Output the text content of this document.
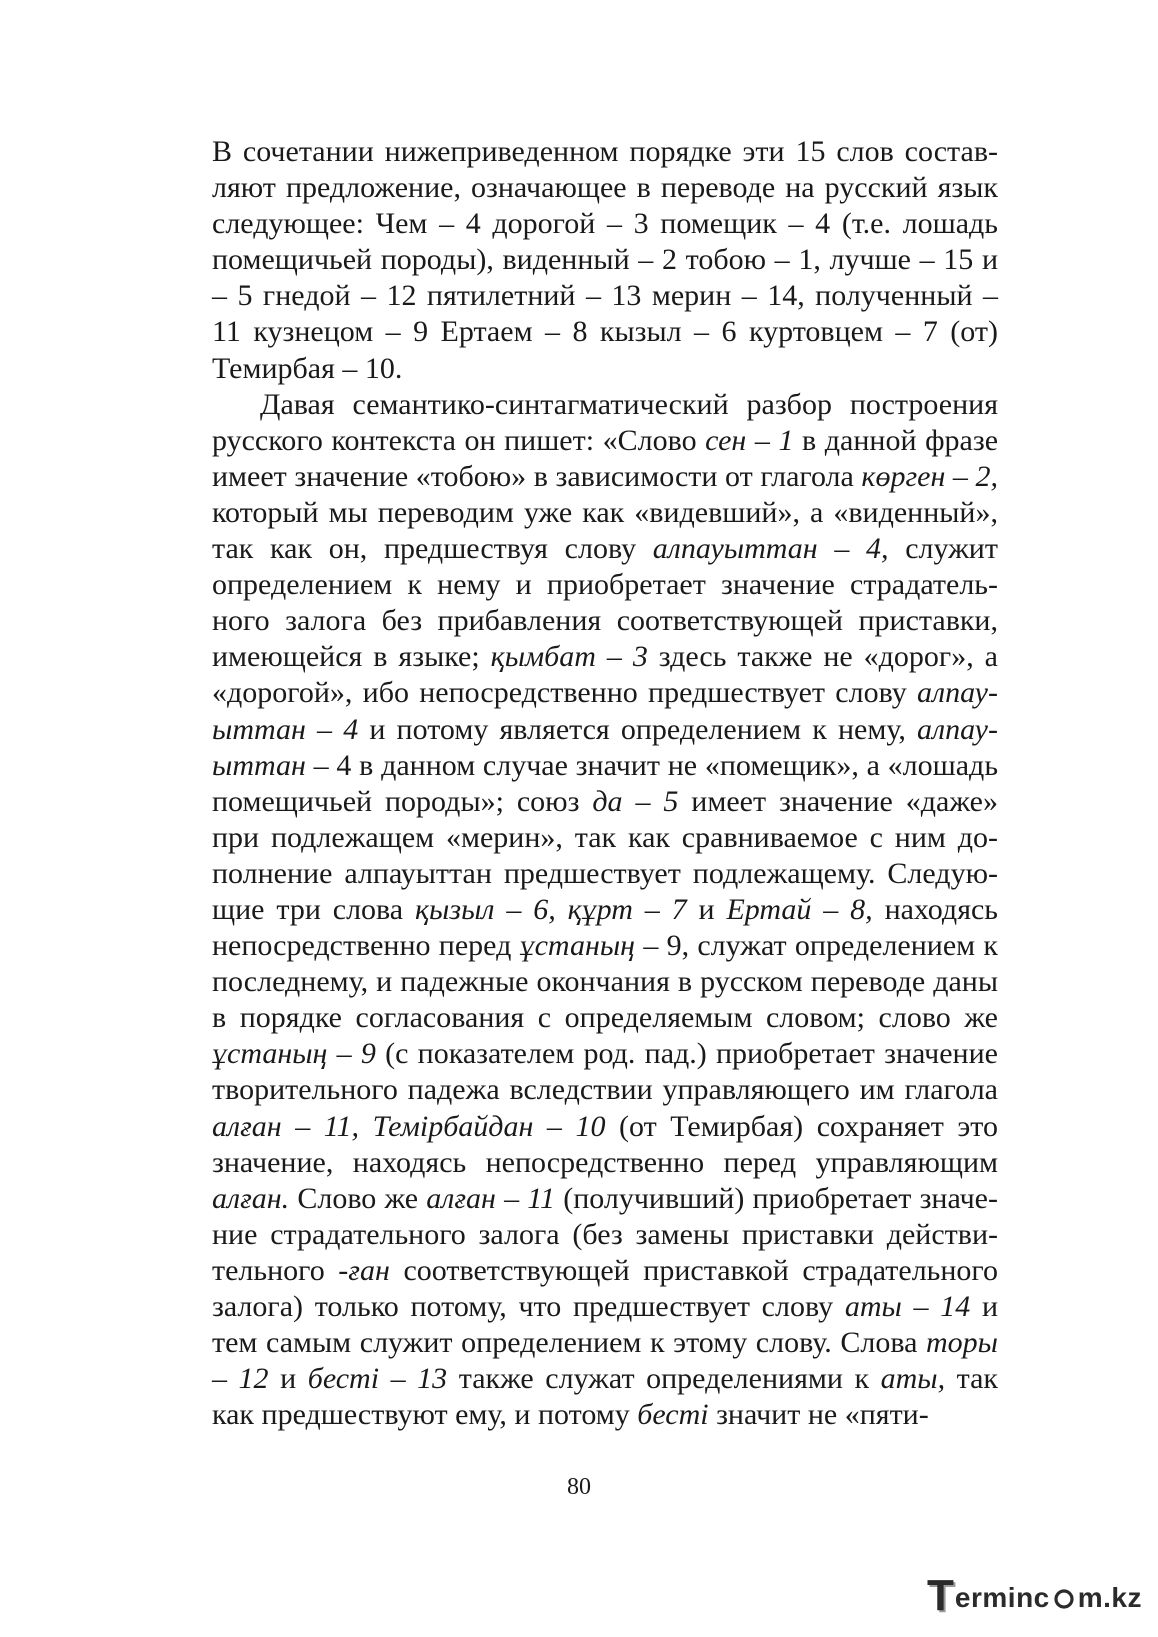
В сочетании нижеприведенном порядке эти 15 слов составляют предложение, означающее в переводе на русский язык следующее: Чем – 4 дорогой – 3 помещик – 4 (т.е. лошадь помещичьей породы), виденный – 2 тобою – 1, лучше – 15 и – 5 гнедой – 12 пятилетний – 13 мерин – 14, полученный – 11 кузнецом – 9 Ертаем – 8 кызыл – 6 куртовцем – 7 (от) Темирбая – 10.

Давая семантико-синтагматический разбор построения русского контекста он пишет: «Слово сен – 1 в данной фразе имеет значение «тобою» в зависимости от глагола көрген – 2, который мы переводим уже как «видевший», а «виденный», так как он, предшествуя слову алпауыттан – 4, служит определением к нему и приобретает значение страдательного залога без прибавления соответствующей приставки, имеющейся в языке; қымбат – 3 здесь также не «дорог», а «дорогой», ибо непосредственно предшествует слову алпауыттан – 4 и потому является определением к нему, алпауыттан – 4 в данном случае значит не «помещик», а «лошадь помещичьей породы»; союз да – 5 имеет значение «даже» при подлежащем «мерин», так как сравниваемое с ним дополнение алпауыттан предшествует подлежащему. Следующие три слова қызыл – 6, құрт – 7 и Ертай – 8, находясь непосредственно перед ұстаның – 9, служат определением к последнему, и падежные окончания в русском переводе даны в порядке согласования с определяемым словом; слово же ұстаның – 9 (с показателем род. пад.) приобретает значение творительного падежа вследствии управляющего им глагола алған – 11, Темірбайдан – 10 (от Темирбая) сохраняет это значение, находясь непосредственно перед управляющим алған. Слово же алған – 11 (получивший) приобретает значение страдательного залога (без замены приставки действительного -ған соответствующей приставкой страдательного залога) только потому, что предшествует слову аты – 14 и тем самым служит определением к этому слову. Слова торы – 12 и бесті – 13 также служат определениями к аты, так как предшествуют ему, и потому бесті значит не «пяти-

80
T erminc m.kz
